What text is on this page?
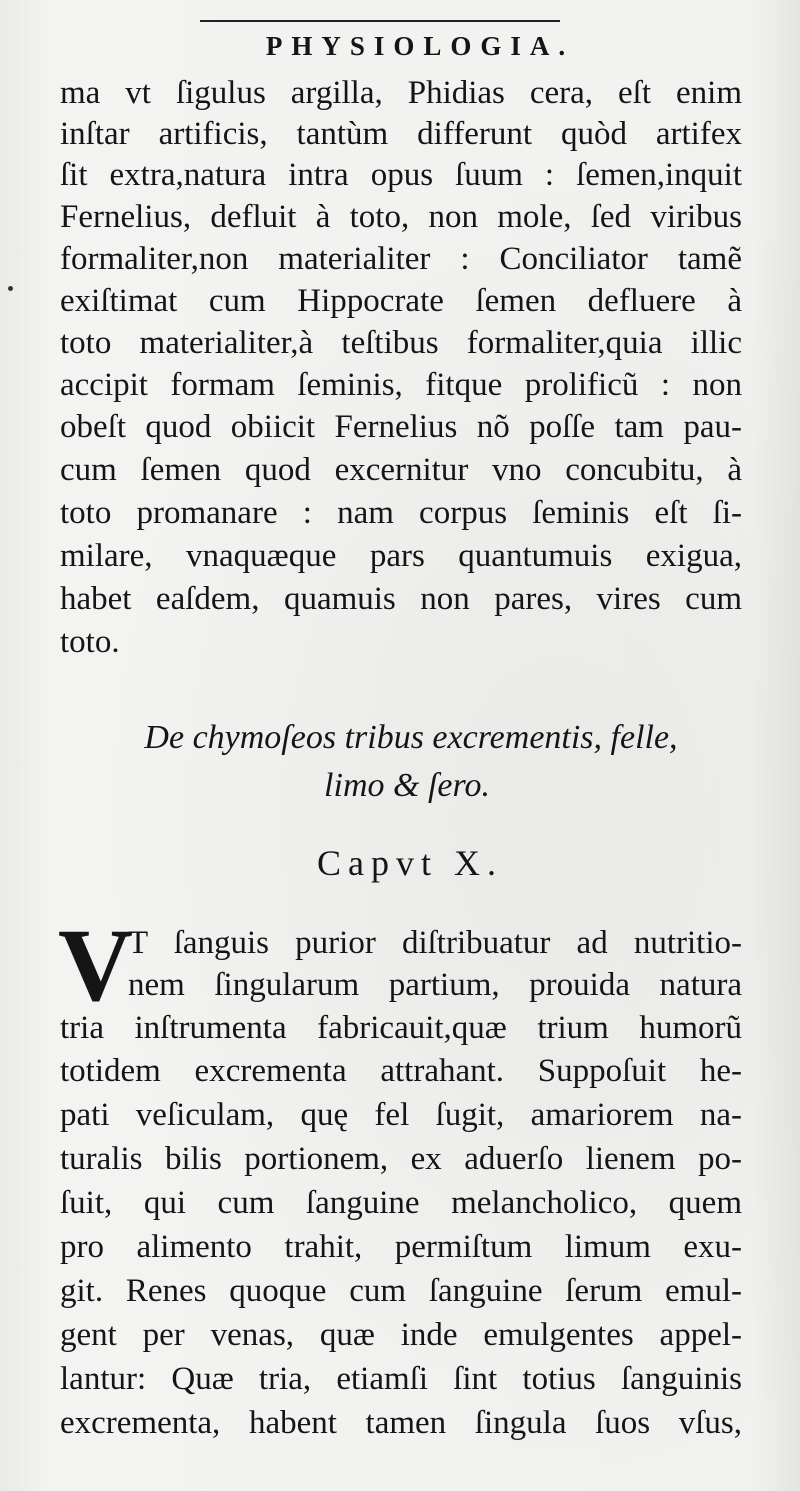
PHYSIOLOGIA.
ma vt ſigulus argilla, Phidias cera, eſt enim
inſtar artificis, tantùm differunt quòd artifex
ſit extra,natura intra opus ſuum : ſemen,inquit
Fernelius, defluit à toto, non mole, ſed viribus
formaliter,non materialiter : Conciliator tamẽ
exiſtimat cum Hippocrate ſemen defluere à
toto materialiter,à teſtibus formaliter,quia illic
accipit formam ſeminis, fitque prolificũ : non
obeſt quod obiicit Fernelius nõ poſſe tam pau-
cum ſemen quod excernitur vno concubitu, à
toto promanare : nam corpus ſeminis eſt ſi-
milare, vnaquæque pars quantumuis exigua,
habet eaſdem, quamuis non pares, vires cum
toto.
De chymoſeos tribus excrementis, felle,
limo & ſero.
Capvt X.
V
T ſanguis purior diſtribuatur ad nutritio-
nem ſingularum partium, prouida natura
tria inſtrumenta fabricauit,quæ trium humorũ
totidem excrementa attrahant. Suppoſuit he-
pati veſiculam, quę fel ſugit, amariorem na-
turalis bilis portionem, ex aduerſo lienem po-
ſuit, qui cum ſanguine melancholico, quem
pro alimento trahit, permiſtum limum exu-
git. Renes quoque cum ſanguine ſerum emul-
gent per venas, quæ inde emulgentes appel-
lantur: Quæ tria, etiamſi ſint totius ſanguinis
excrementa, habent tamen ſingula ſuos vſus,
